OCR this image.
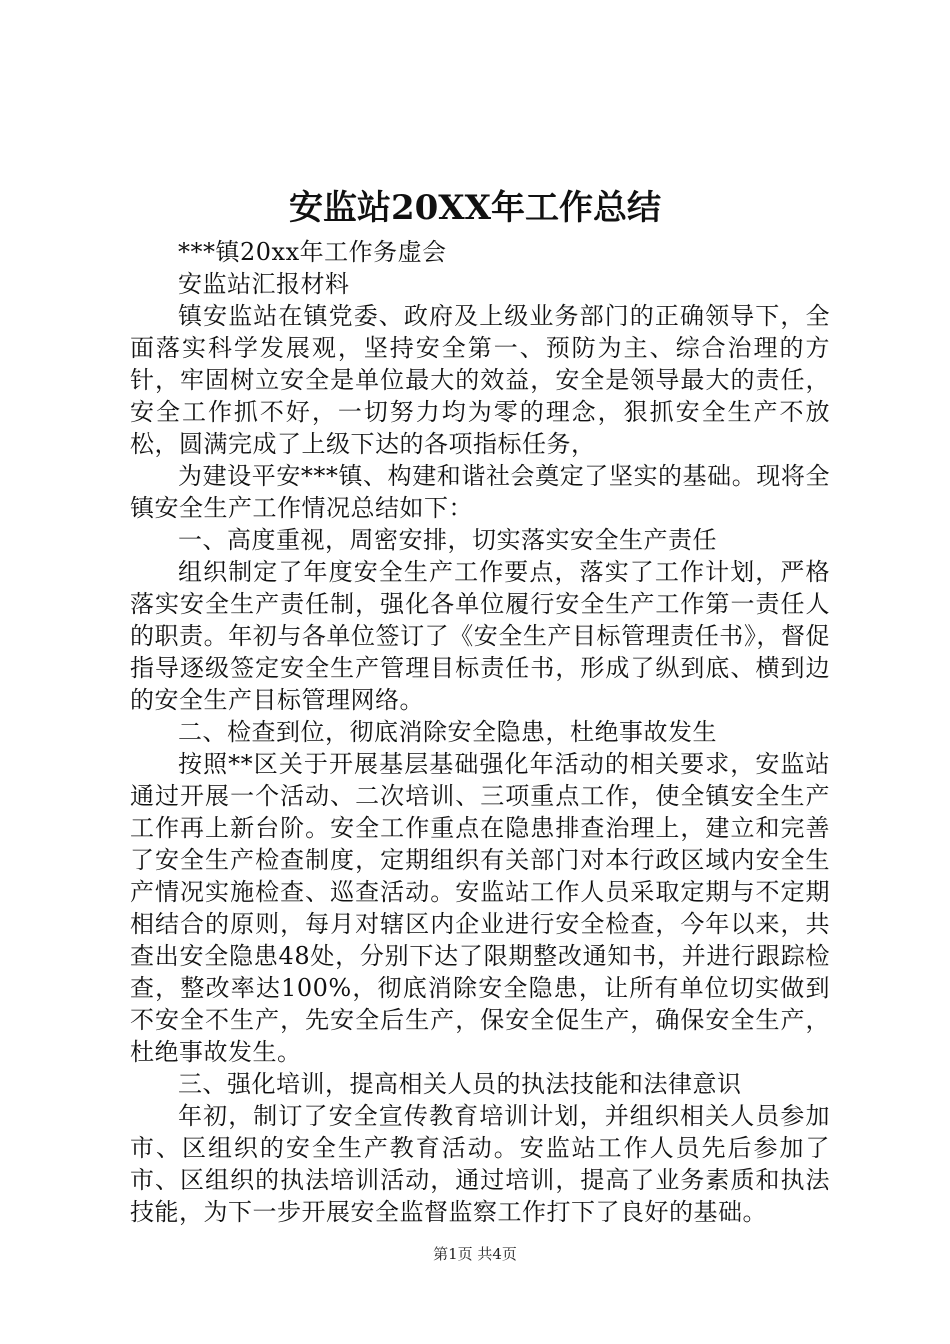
安监站20XX年工作总结

***镇20xx年工作务虚会

安监站汇报材料

镇安监站在镇党委、政府及上级业务部门的正确领导下，全面落实科学发展观，坚持安全第一、预防为主、综合治理的方针，牢固树立安全是单位最大的效益，安全是领导最大的责任，安全工作抓不好，一切努力均为零的理念，狠抓安全生产不放松，圆满完成了上级下达的各项指标任务，

为建设平安***镇、构建和谐社会奠定了坚实的基础。现将全镇安全生产工作情况总结如下：

一、高度重视，周密安排，切实落实安全生产责任

组织制定了年度安全生产工作要点，落实了工作计划，严格落实安全生产责任制，强化各单位履行安全生产工作第一责任人的职责。年初与各单位签订了《安全生产目标管理责任书》，督促指导逐级签定安全生产管理目标责任书，形成了纵到底、横到边的安全生产目标管理网络。

二、检查到位，彻底消除安全隐患，杜绝事故发生

按照**区关于开展基层基础强化年活动的相关要求，安监站通过开展一个活动、二次培训、三项重点工作，使全镇安全生产工作再上新台阶。安全工作重点在隐患排查治理上，建立和完善了安全生产检查制度，定期组织有关部门对本行政区域内安全生产情况实施检查、巡查活动。安监站工作人员采取定期与不定期相结合的原则，每月对辖区内企业进行安全检查，今年以来，共查出安全隐患48处，分别下达了限期整改通知书，并进行跟踪检查，整改率达100%，彻底消除安全隐患，让所有单位切实做到不安全不生产，先安全后生产，保安全促生产，确保安全生产，杜绝事故发生。

三、强化培训，提高相关人员的执法技能和法律意识

年初，制订了安全宣传教育培训计划，并组织相关人员参加市、区组织的安全生产教育活动。安监站工作人员先后参加了市、区组织的执法培训活动，通过培训，提高了业务素质和执法技能，为下一步开展安全监督监察工作打下了良好的基础。

第1页 共4页
